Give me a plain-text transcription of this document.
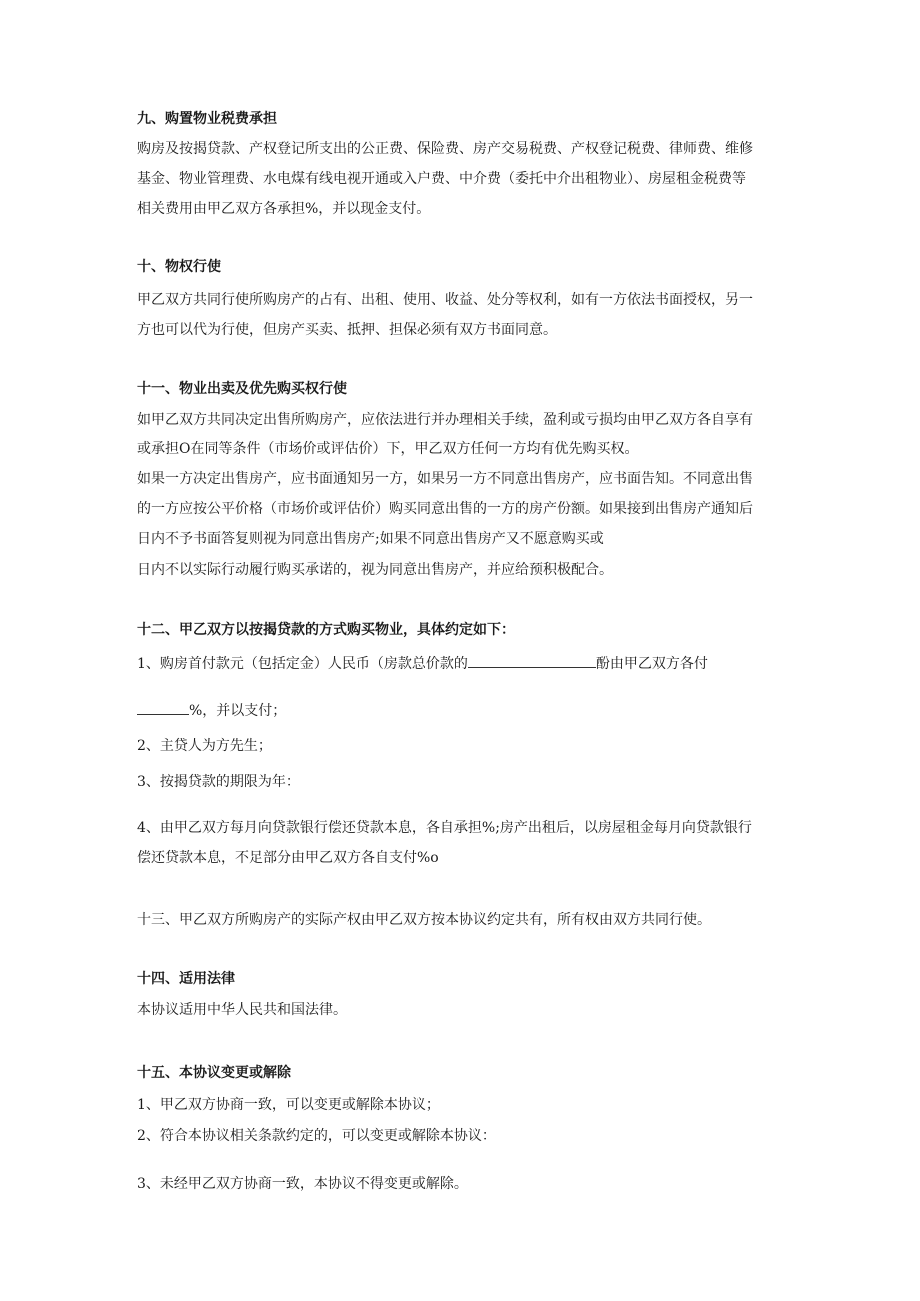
九、购置物业税费承担
购房及按揭贷款、产权登记所支出的公正费、保险费、房产交易税费、产权登记税费、律师费、维修
基金、物业管理费、水电煤有线电视开通或入户费、中介费（委托中介出租物业）、房屋租金税费等
相关费用由甲乙双方各承担%，并以现金支付。
十、物权行使
甲乙双方共同行使所购房产的占有、出租、使用、收益、处分等权利，如有一方依法书面授权，另一
方也可以代为行使，但房产买卖、抵押、担保必须有双方书面同意。
十一、物业出卖及优先购买权行使
如甲乙双方共同决定出售所购房产，应依法进行并办理相关手续，盈利或亏损均由甲乙双方各自享有
或承担O在同等条件（市场价或评估价）下，甲乙双方任何一方均有优先购买权。
如果一方决定出售房产，应书面通知另一方，如果另一方不同意出售房产，应书面告知。不同意出售
的一方应按公平价格（市场价或评估价）购买同意出售的一方的房产份额。如果接到出售房产通知后
日内不予书面答复则视为同意出售房产;如果不同意出售房产又不愿意购买或
日内不以实际行动履行购买承诺的，视为同意出售房产，并应给预积极配合。
十二、甲乙双方以按揭贷款的方式购买物业，具体约定如下：
1、购房首付款元（包括定金）人民币（房款总价款的	酚由甲乙双方各付
%，并以支付；
2、主贷人为方先生；
3、按揭贷款的期限为年：
4、由甲乙双方每月向贷款银行偿还贷款本息，各自承担%;房产出租后，以房屋租金每月向贷款银行
偿还贷款本息，不足部分由甲乙双方各自支付%o
十三、甲乙双方所购房产的实际产权由甲乙双方按本协议约定共有，所有权由双方共同行使。
十四、适用法律
本协议适用中华人民共和国法律。
十五、本协议变更或解除
1、甲乙双方协商一致，可以变更或解除本协议；
2、符合本协议相关条款约定的，可以变更或解除本协议：
3、未经甲乙双方协商一致，本协议不得变更或解除。
